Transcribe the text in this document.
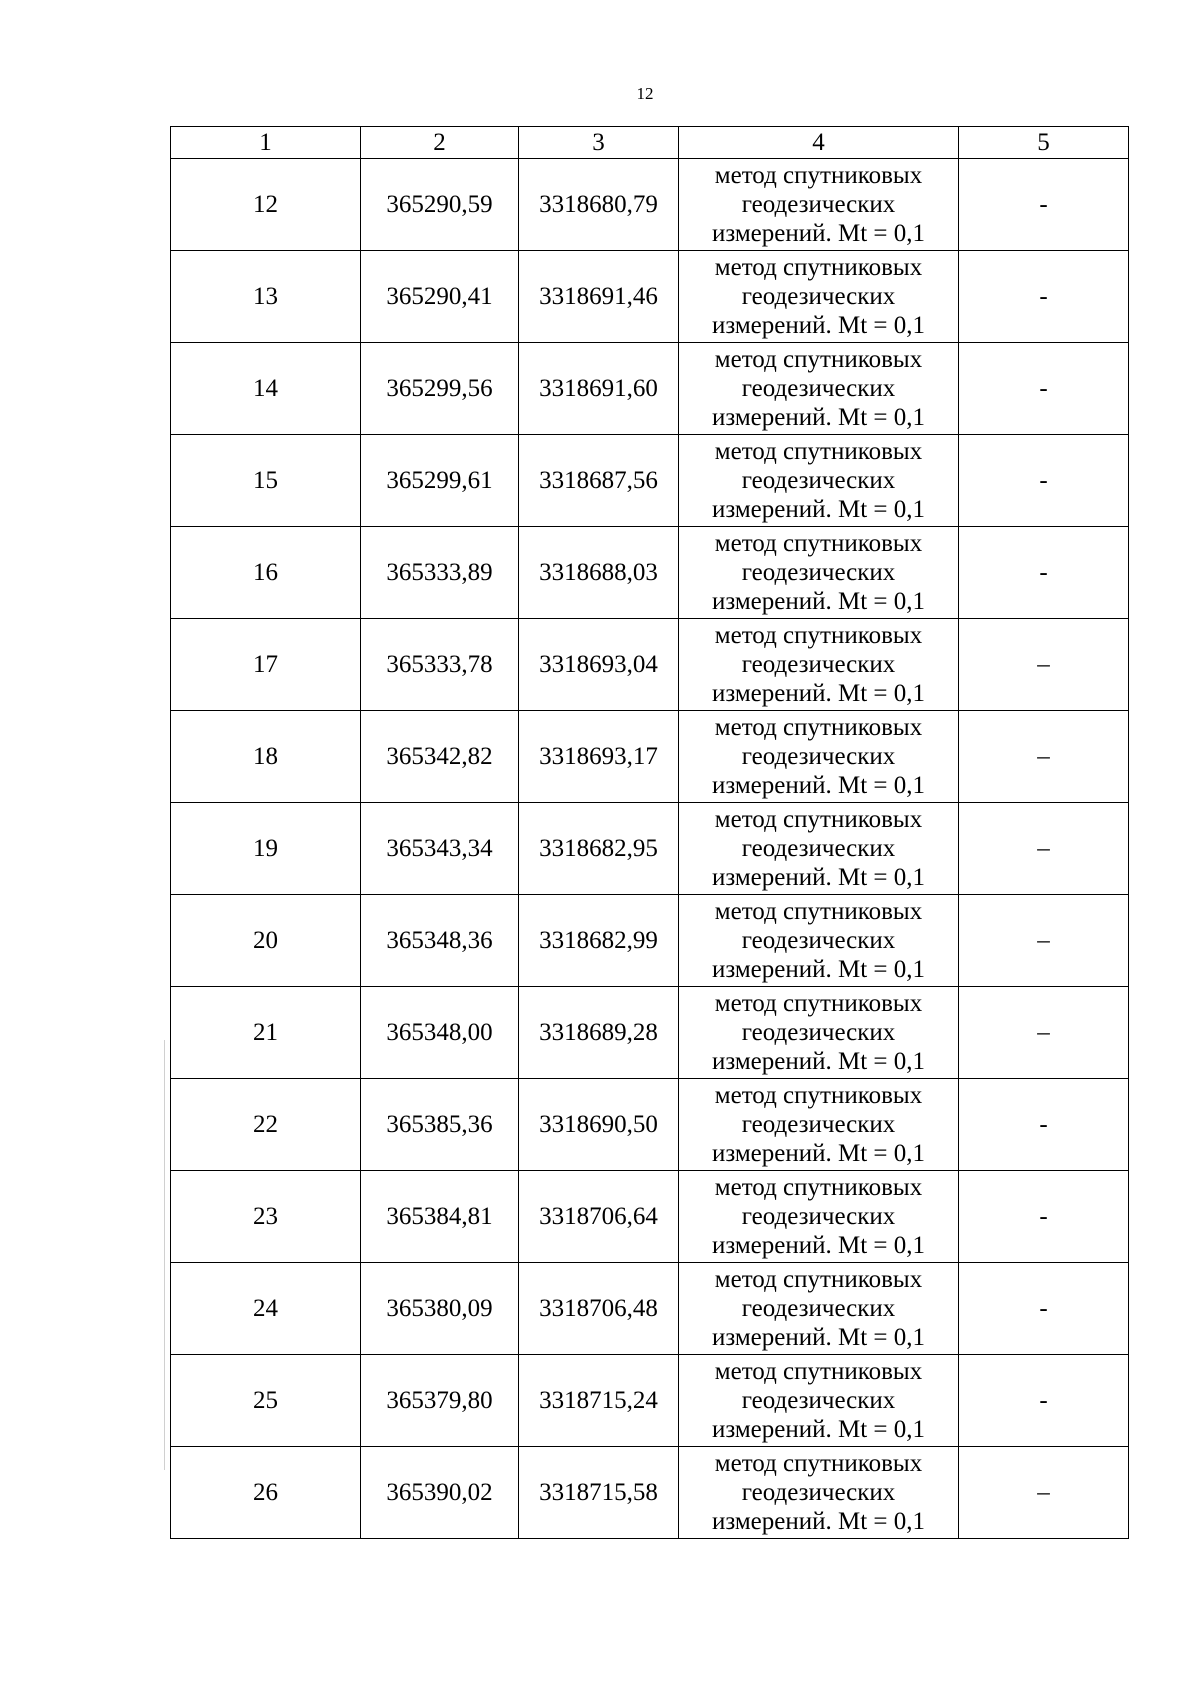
12
1	2	3	4	5
12	365290,59	3318680,79	метод спутниковых
геодезических
измерений. Mt = 0,1	-
13	365290,41	3318691,46	метод спутниковых
геодезических
измерений. Mt = 0,1	-
14	365299,56	3318691,60	метод спутниковых
геодезических
измерений. Mt = 0,1	-
15	365299,61	3318687,56	метод спутниковых
геодезических
измерений. Mt = 0,1	-
16	365333,89	3318688,03	метод спутниковых
геодезических
измерений. Mt = 0,1	-
17	365333,78	3318693,04	метод спутниковых
геодезических
измерений. Mt = 0,1	–
18	365342,82	3318693,17	метод спутниковых
геодезических
измерений. Mt = 0,1	–
19	365343,34	3318682,95	метод спутниковых
геодезических
измерений. Mt = 0,1	–
20	365348,36	3318682,99	метод спутниковых
геодезических
измерений. Mt = 0,1	–
21	365348,00	3318689,28	метод спутниковых
геодезических
измерений. Mt = 0,1	–
22	365385,36	3318690,50	метод спутниковых
геодезических
измерений. Mt = 0,1	-
23	365384,81	3318706,64	метод спутниковых
геодезических
измерений. Mt = 0,1	-
24	365380,09	3318706,48	метод спутниковых
геодезических
измерений. Mt = 0,1	-
25	365379,80	3318715,24	метод спутниковых
геодезических
измерений. Mt = 0,1	-
26	365390,02	3318715,58	метод спутниковых
геодезических
измерений. Mt = 0,1	–
